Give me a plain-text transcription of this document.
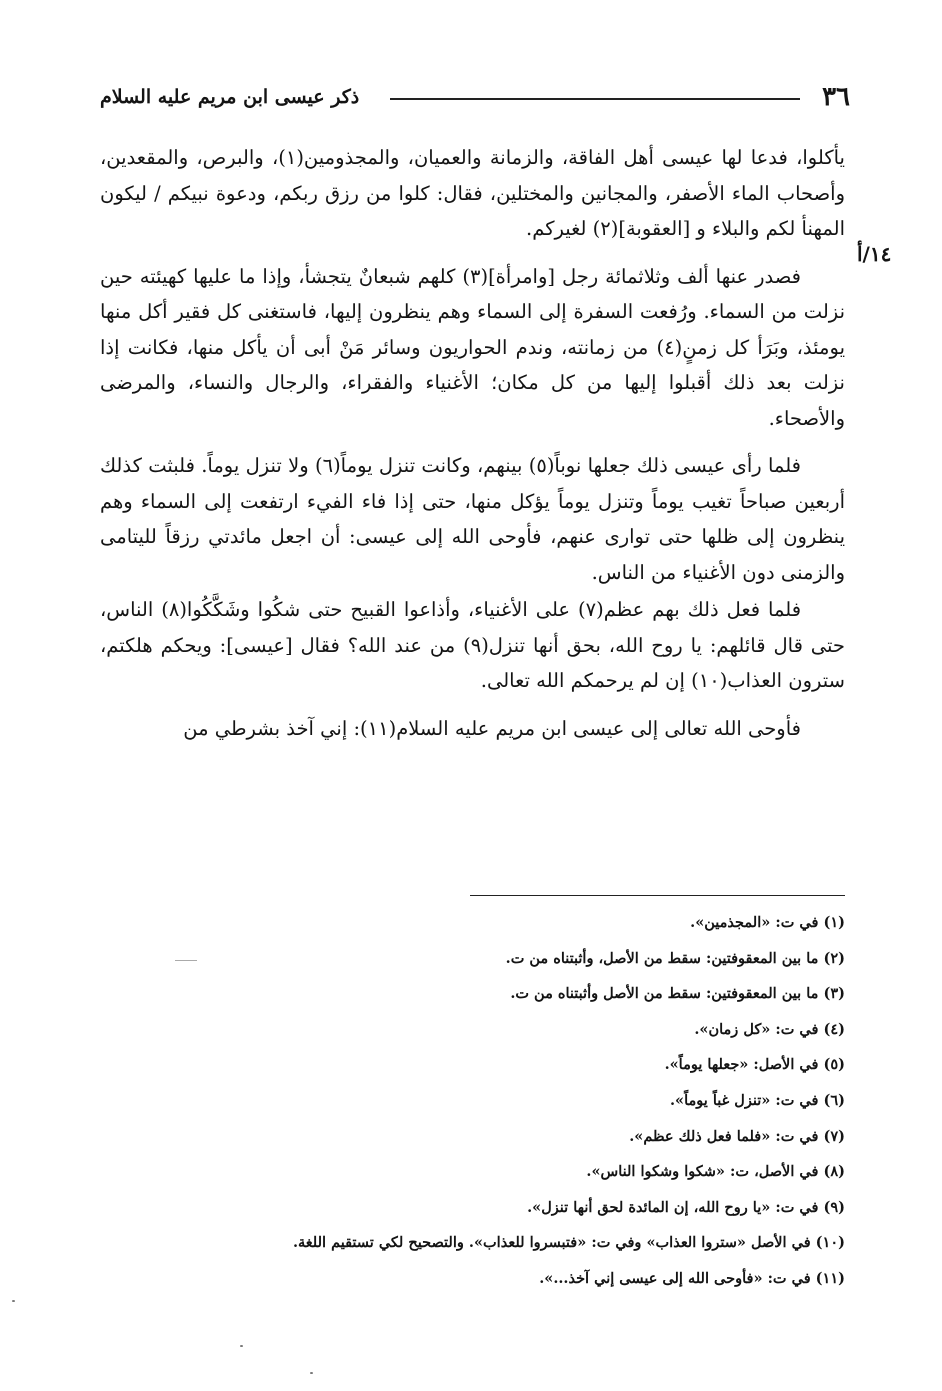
٣٦
ذكر عيسى ابن مريم عليه السلام
١٤/أ

يأكلوا، فدعا لها عيسى أهل الفاقة، والزمانة والعميان، والمجذومين(١)، والبرص، والمقعدين، وأصحاب الماء الأصفر، والمجانين والمختلين، فقال: كلوا من رزق ربكم، ودعوة نبيكم / ليكون المهنأ لكم والبلاء و [العقوبة](٢) لغيركم.

فصدر عنها ألف وثلاثمائة رجل [وامرأة](٣) كلهم شبعانٌ يتجشأ، وإذا ما عليها كهيئته حين نزلت من السماء. ورُفعت السفرة إلى السماء وهم ينظرون إليها، فاستغنى كل فقير أكل منها يومئذ، وبَرَأ كل زمنٍ(٤) من زمانته، وندم الحواريون وسائر مَنْ أبى أن يأكل منها، فكانت إذا نزلت بعد ذلك أقبلوا إليها من كل مكان؛ الأغنياء والفقراء، والرجال والنساء، والمرضى والأصحاء.

فلما رأى عيسى ذلك جعلها نوباً(٥) بينهم، وكانت تنزل يوماً(٦) ولا تنزل يوماً. فلبثت كذلك أربعين صباحاً تغيب يوماً وتنزل يوماً يؤكل منها، حتى إذا فاء الفيء ارتفعت إلى السماء وهم ينظرون إلى ظلها حتى توارى عنهم، فأوحى الله إلى عيسى: أن اجعل مائدتي رزقاً لليتامى والزمنى دون الأغنياء من الناس.

فلما فعل ذلك بهم عظم(٧) على الأغنياء، وأذاعوا القبيح حتى شكُوا وشَكَّكُوا(٨) الناس، حتى قال قائلهم: يا روح الله، بحق أنها تنزل(٩) من عند الله؟ فقال [عيسى]: ويحكم هلكتم، سترون العذاب(١٠) إن لم يرحمكم الله تعالى.

فأوحى الله تعالى إلى عيسى ابن مريم عليه السلام(١١): إني آخذ بشرطي من

(١) في ت: «المجذمين».
(٢) ما بين المعقوفتين: سقط من الأصل، وأثبتناه من ت.
(٣) ما بين المعقوفتين: سقط من الأصل وأثبتناه من ت.
(٤) في ت: «كل زمان».
(٥) في الأصل: «جعلها يوماً».
(٦) في ت: «تنزل غباً يوماً».
(٧) في ت: «فلما فعل ذلك عظم».
(٨) في الأصل، ت: «شكوا وشكوا الناس».
(٩) في ت: «يا روح الله، إن المائدة لحق أنها تنزل».
(١٠) في الأصل «ستروا العذاب» وفي ت: «فتبسروا للعذاب». والتصحيح لكي تستقيم اللغة.
(١١) في ت: «فأوحى الله إلى عيسى إني آخذ...».
